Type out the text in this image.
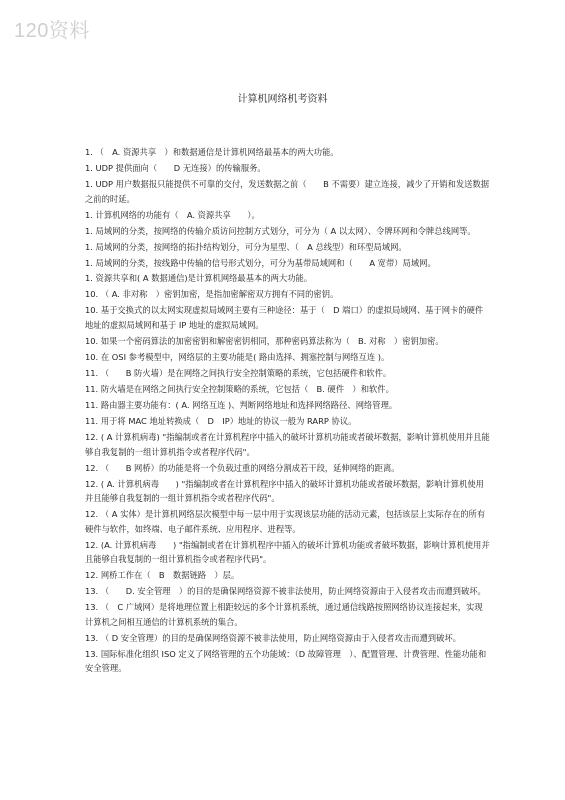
120资料
计算机网络机考资料

1. （　A. 资源共享　）和数据通信是计算机网络最基本的两大功能。

1. UDP 提供面向（　　D 无连接）的传输服务。

1. UDP 用户数据报只能提供不可靠的交付，发送数据之前（　　B 不需要）建立连接，减少了开销和发送数据之前的时延。

1. 计算机网络的功能有（　A. 资源共享　　）。

1. 局域网的分类，按网络的传输介质访问控制方式划分，可分为（ A 以太网）、令牌环网和令牌总线网等。

1. 局域网的分类，按网络的拓扑结构划分，可分为星型、（　A 总线型）和环型局域网。

1. 局域网的分类，按线路中传输的信号形式划分，可分为基带局域网和（　　A 宽带）局域网。

1. 资源共享和( A 数据通信)是计算机网络最基本的两大功能。

10. （ A. 非对称　）密钥加密，是指加密解密双方拥有不同的密钥。

10. 基于交换式的以太网实现虚拟局域网主要有三种途径：基于（　D 端口）的虚拟局域网、基于网卡的硬件地址的虚拟局域网和基于 IP 地址的虚拟局域网。

10. 如果一个密码算法的加密密钥和解密密钥相同，那种密码算法称为（　B. 对称　）密钥加密。

10. 在 OSI 参考模型中，网络层的主要功能是( 路由选择、拥塞控制与网络互连 )。

11. （　　B 防火墙）是在网络之间执行安全控制策略的系统，它包括硬件和软件。

11. 防火墙是在网络之间执行安全控制策略的系统，它包括（　B. 硬件　）和软件。

11. 路由器主要功能有：( A. 网络互连 )、判断网络地址和选择网络路径、网络管理。

11. 用于将 MAC 地址转换成（　D　IP）地址的协议一般为 RARP 协议。

12. ( A 计算机病毒) "指编制或者在计算机程序中插入的破坏计算机功能或者破坏数据，影响计算机使用并且能够自我复制的一组计算机指令或者程序代码"。

12. （　　B 网桥）的功能是将一个负载过重的网络分割成若干段，延伸网络的距离。

12. ( A. 计算机病毒　　) "指编制或者在计算机程序中插入的破坏计算机功能或者破坏数据，影响计算机使用并且能够自我复制的一组计算机指令或者程序代码"。

12. （ A 实体）是计算机网络层次模型中每一层中用于实现该层功能的活动元素，包括该层上实际存在的所有硬件与软件，如终端、电子邮件系统、应用程序、进程等。

12. (A. 计算机病毒　　) "指编制或者在计算机程序中插入的破坏计算机功能或者破坏数据，影响计算机使用并且能够自我复制的一组计算机指令或者程序代码"。

12. 网桥工作在（　B　数据链路　）层。

13. （　　D. 安全管理　）的目的是确保网络资源不被非法使用，防止网络资源由于入侵者攻击而遭到破坏。

13. （　C 广域网）是将地理位置上相距较远的多个计算机系统，通过通信线路按照网络协议连接起来，实现计算机之间相互通信的计算机系统的集合。

13. （ D 安全管理）的目的是确保网络资源不被非法使用，防止网络资源由于入侵者攻击而遭到破坏。

13. 国际标准化组织 ISO 定义了网络管理的五个功能域：（D 故障管理　）、配置管理、计费管理、性能功能和安全管理。
